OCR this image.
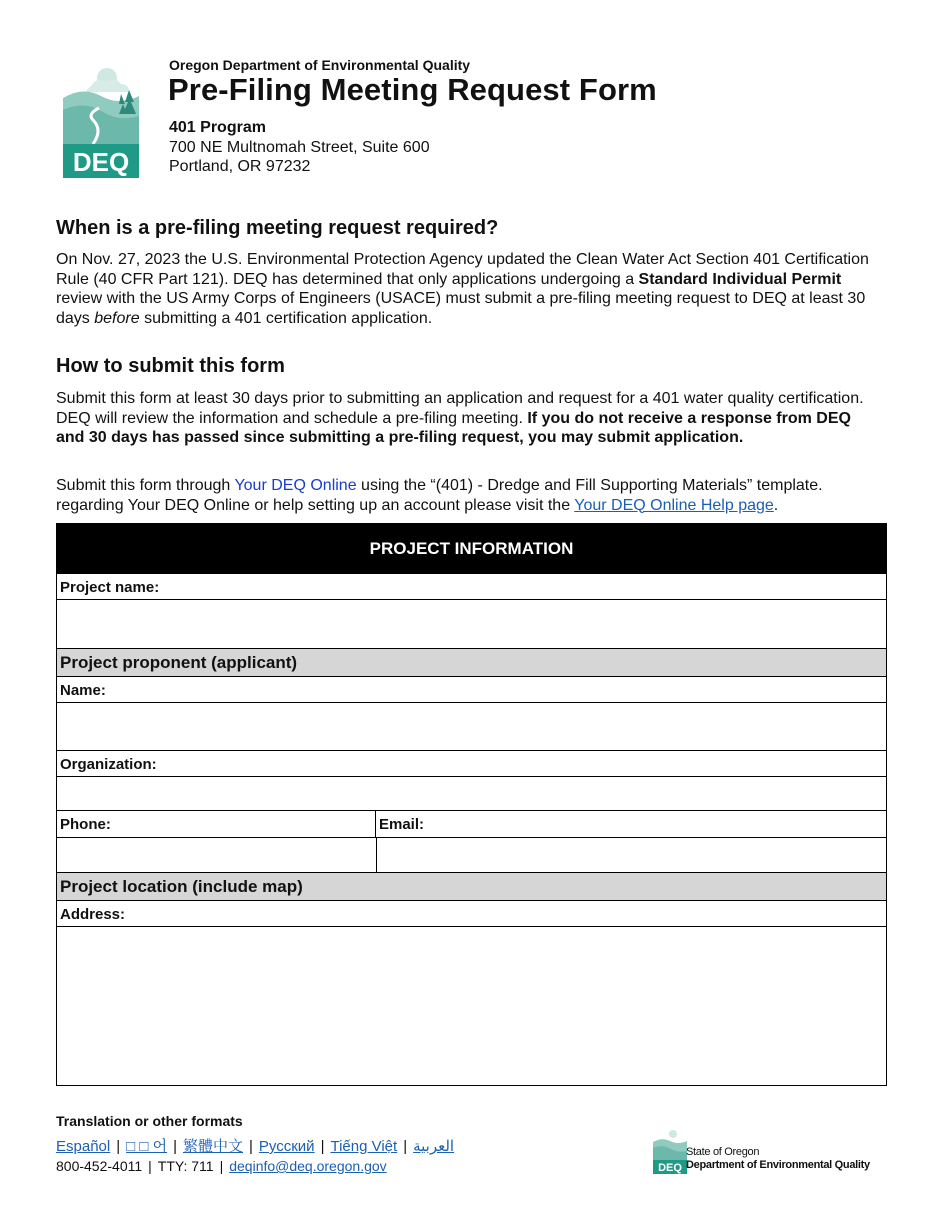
DEQ
Oregon Department of Environmental Quality
Pre-Filing Meeting Request Form
401 Program
700 NE Multnomah Street, Suite 600
Portland, OR 97232
When is a pre-filing meeting request required?
On Nov. 27, 2023 the U.S. Environmental Protection Agency updated the Clean Water Act Section 401 Certification Rule (40 CFR Part 121). DEQ has determined that only applications undergoing a Standard Individual Permit review with the US Army Corps of Engineers (USACE) must submit a pre-filing meeting request to DEQ at least 30 days before submitting a 401 certification application.
How to submit this form
Submit this form at least 30 days prior to submitting an application and request for a 401 water quality certification. DEQ will review the information and schedule a pre-filing meeting. If you do not receive a response from DEQ and 30 days has passed since submitting a pre-filing request, you may submit application.
Submit this form through Your DEQ Online using the “(401) - Dredge and Fill Supporting Materials” template. regarding Your DEQ Online or help setting up an account please visit the Your DEQ Online Help page.
PROJECT INFORMATION
Project name:
Project proponent (applicant)
Name:
Organization:
Phone:	Email:
Project location (include map)
Address:
Translation or other formats
Español | □ □ 어 | 繁體中文 | Русский | Tiếng Việt | العربية
800-452-4011 | TTY: 711 | deqinfo@deq.oregon.gov	DEQ
State of Oregon
Department of Environmental Quality
